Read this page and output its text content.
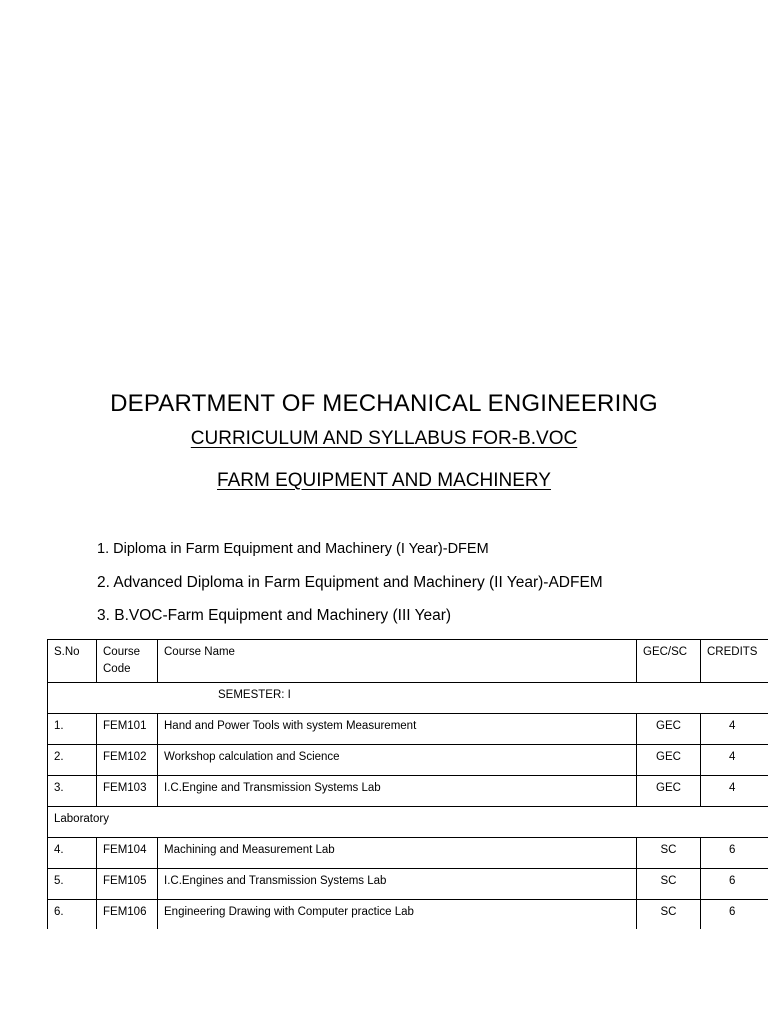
DEPARTMENT OF MECHANICAL ENGINEERING
CURRICULUM AND SYLLABUS FOR-B.VOC
FARM EQUIPMENT AND MACHINERY
1. Diploma in Farm Equipment and Machinery (I Year)-DFEM
2. Advanced Diploma in Farm Equipment and Machinery (II Year)-ADFEM
3. B.VOC-Farm Equipment and Machinery (III Year)
S.No	Course Code	Course Name	GEC/SC	CREDITS
SEMESTER: I				
1.	FEM101	Hand and Power Tools with system Measurement	GEC	4
2.	FEM102	Workshop calculation and Science	GEC	4
3.	FEM103	I.C.Engine and Transmission Systems Lab	GEC	4
Laboratory				
4.	FEM104	Machining and Measurement Lab	SC	6
5.	FEM105	I.C.Engines and Transmission Systems Lab	SC	6
6.	FEM106	Engineering Drawing with Computer practice Lab	SC	6
